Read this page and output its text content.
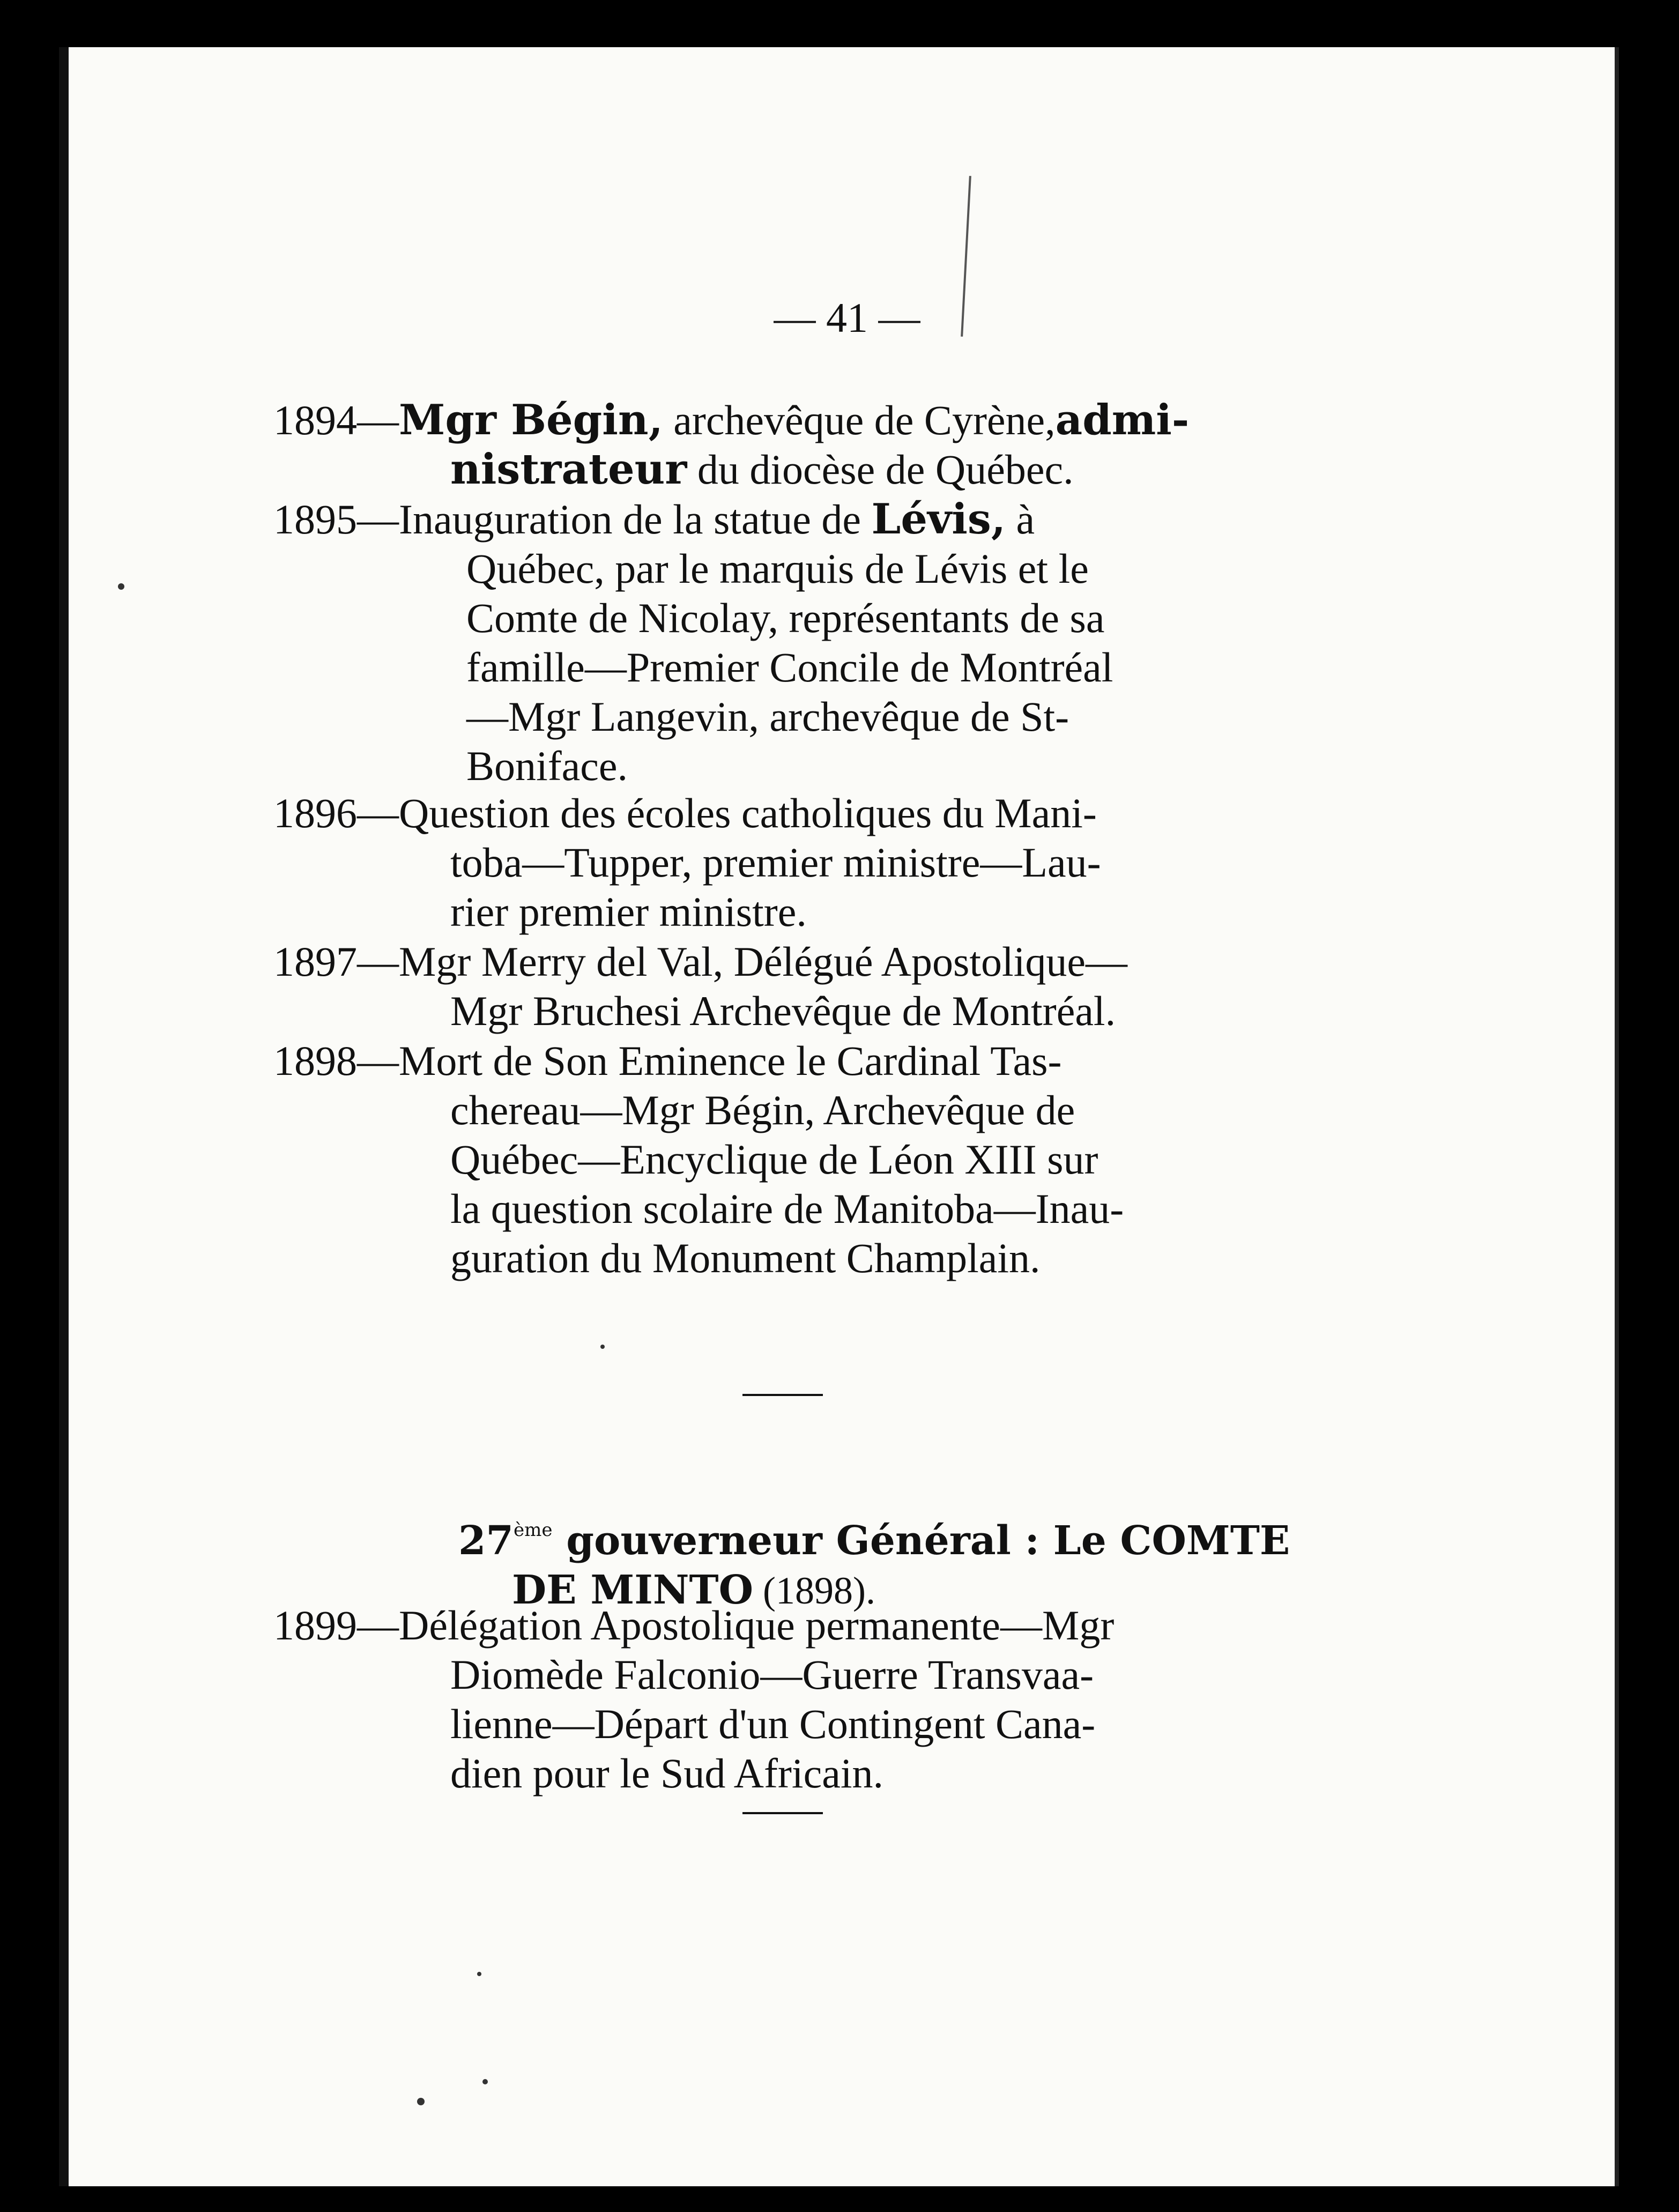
— 41 —
1894—Mgr Bégin, archevêque de Cyrène,admi-
nistrateur du diocèse de Québec.
1895—Inauguration de la statue de Lévis, à
Québec, par le marquis de Lévis et le
Comte de Nicolay, représentants de sa
famille—Premier Concile de Montréal
—Mgr Langevin, archevêque de St-
Boniface.
1896—Question des écoles catholiques du Mani-
toba—Tupper, premier ministre—Lau-
rier premier ministre.
1897—Mgr Merry del Val, Délégué Apostolique—
Mgr Bruchesi Archevêque de Montréal.
1898—Mort de Son Eminence le Cardinal Tas-
chereau—Mgr Bégin, Archevêque de
Québec—Encyclique de Léon XIII sur
la question scolaire de Manitoba—Inau-
guration du Monument Champlain.
27ème gouverneur Général : Le COMTE
DE MINTO (1898).
1899—Délégation Apostolique permanente—Mgr
Diomède Falconio—Guerre Transvaa-
lienne—Départ d'un Contingent Cana-
dien pour le Sud Africain.
